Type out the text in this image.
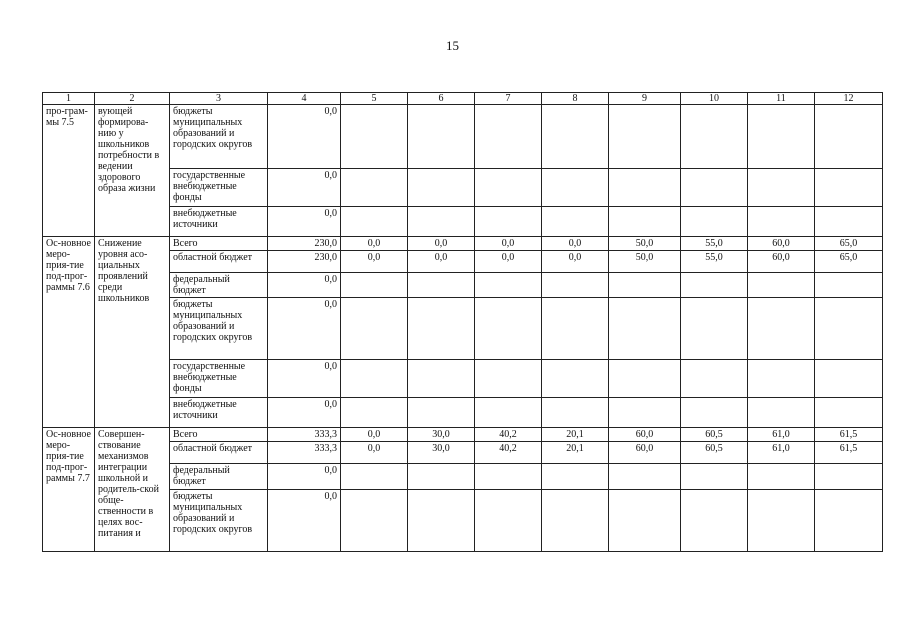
15
1	2	3	4	5	6	7	8	9	10	11	12
про-грам-мы 7.5	вующей формирова-нию у школьников потребности в ведении здорового образа жизни	бюджеты муниципальных образований и городских округов	0,0								
		государственные внебюджетные фонды	0,0								
		внебюджетные источники	0,0								
Ос-новное меро-прия-тие под-прог-раммы 7.6	Снижение уровня асо-циальных проявлений среди школьников	Всего	230,0	0,0	0,0	0,0	0,0	50,0	55,0	60,0	65,0
		областной бюджет	230,0	0,0	0,0	0,0	0,0	50,0	55,0	60,0	65,0
		федеральный бюджет	0,0								
		бюджеты муниципальных образований и городских округов	0,0								
		государственные внебюджетные фонды	0,0								
		внебюджетные источники	0,0								
Ос-новное меро-прия-тие под-прог-раммы 7.7	Совершен-ствование механизмов интеграции школьной и родитель-ской обще-ственности в целях вос-питания и	Всего	333,3	0,0	30,0	40,2	20,1	60,0	60,5	61,0	61,5
		областной бюджет	333,3	0,0	30,0	40,2	20,1	60,0	60,5	61,0	61,5
		федеральный бюджет	0,0								
		бюджеты муниципальных образований и городских округов	0,0								
